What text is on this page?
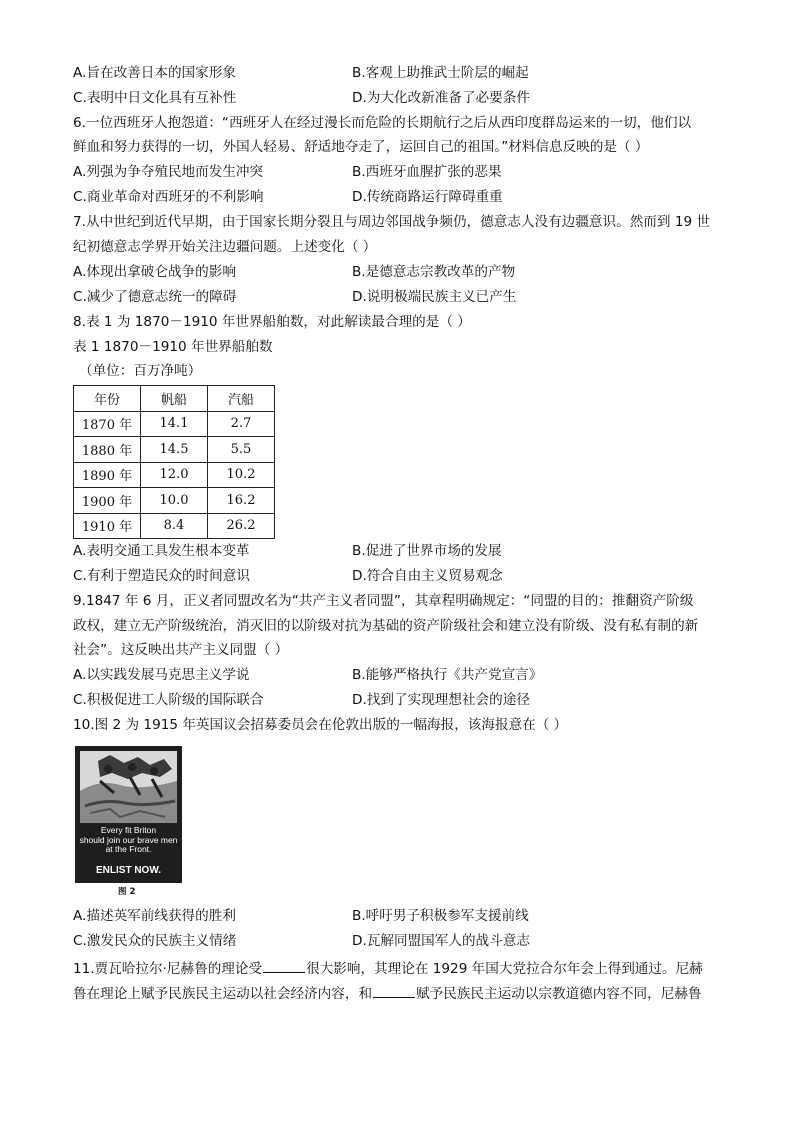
A.旨在改善日本的国家形象	B.客观上助推武士阶层的崛起
C.表明中日文化具有互补性	D.为大化改新准备了必要条件
6.一位西班牙人抱怨道：“西班牙人在经过漫长而危险的长期航行之后从西印度群岛运来的一切，他们以
鲜血和努力获得的一切，外国人轻易、舒适地夺走了，运回自己的祖国。”材料信息反映的是（ ）
A.列强为争夺殖民地而发生冲突	B.西班牙血腥扩张的恶果
C.商业革命对西班牙的不利影响	D.传统商路运行障碍重重
7.从中世纪到近代早期，由于国家长期分裂且与周边邻国战争频仍，德意志人没有边疆意识。然而到 19 世
纪初德意志学界开始关注边疆问题。上述变化（ ）
A.体现出拿破仑战争的影响	B.是德意志宗教改革的产物
C.减少了德意志统一的障碍	D.说明极端民族主义已产生
8.表 1 为 1870－1910 年世界船舶数，对此解读最合理的是（ ）
表 1 1870－1910 年世界船舶数
（单位：百万净吨）
年份	帆船	汽船
1870 年	14.1	2.7
1880 年	14.5	5.5
1890 年	12.0	10.2
1900 年	10.0	16.2
1910 年	8.4	26.2
A.表明交通工具发生根本变革	B.促进了世界市场的发展
C.有利于塑造民众的时间意识	D.符合自由主义贸易观念
9.1847 年 6 月，正义者同盟改名为“共产主义者同盟”，其章程明确规定：“同盟的目的：推翻资产阶级
政权，建立无产阶级统治，消灭旧的以阶级对抗为基础的资产阶级社会和建立没有阶级、没有私有制的新
社会”。这反映出共产主义同盟（ ）
A.以实践发展马克思主义学说	B.能够严格执行《共产党宣言》
C.积极促进工人阶级的国际联合	D.找到了实现理想社会的途径
10.图 2 为 1915 年英国议会招募委员会在伦敦出版的一幅海报，该海报意在（ ）
Every fit Briton
should join our brave men
at the Front.
ENLIST NOW.
图 2
A.描述英军前线获得的胜利	B.呼吁男子积极参军支援前线
C.激发民众的民族主义情绪	D.瓦解同盟国军人的战斗意志
11.贾瓦哈拉尔·尼赫鲁的理论受	很大影响，其理论在 1929 年国大党拉合尔年会上得到通过。尼赫
鲁在理论上赋予民族民主运动以社会经济内容，和	赋予民族民主运动以宗教道德内容不同，尼赫鲁
